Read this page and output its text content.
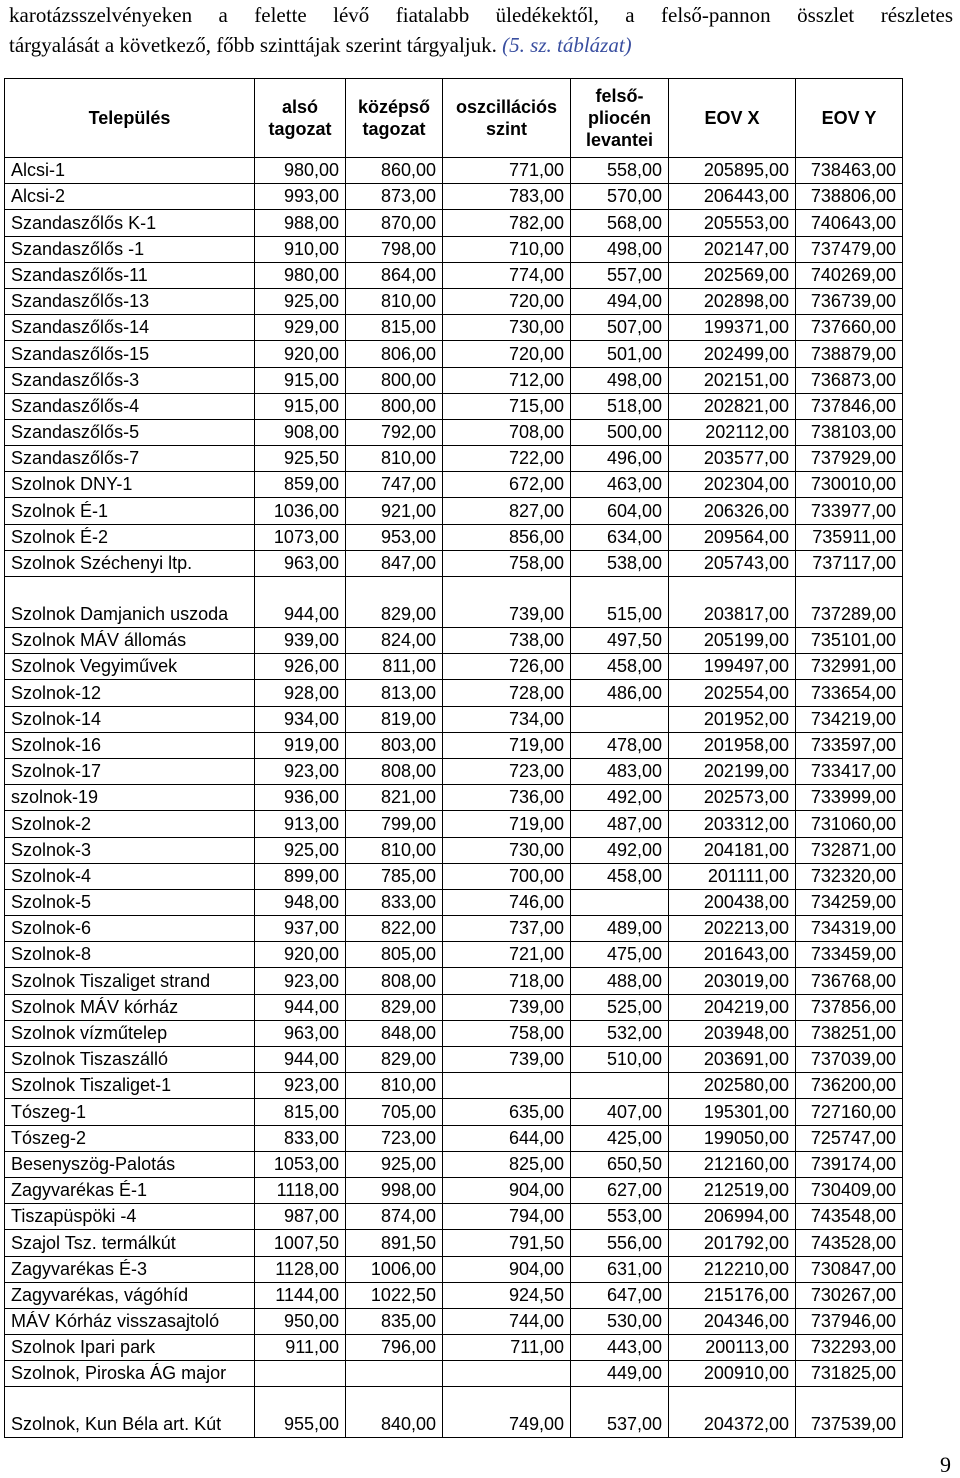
karotázsszelvényeken a felette lévő fiatalabb üledékektől, a felső-pannon összlet részletes
tárgyalását a következő, főbb szinttájak szerint tárgyaljuk. (5. sz. táblázat)
Település	alsó tagozat	középső tagozat	oszcillációs szint	felső-pliocén levantei	EOV X	EOV Y
Alcsi-1	980,00	860,00	771,00	558,00	205895,00	738463,00
Alcsi-2	993,00	873,00	783,00	570,00	206443,00	738806,00
Szandaszőlős K-1	988,00	870,00	782,00	568,00	205553,00	740643,00
Szandaszőlős -1	910,00	798,00	710,00	498,00	202147,00	737479,00
Szandaszőlős-11	980,00	864,00	774,00	557,00	202569,00	740269,00
Szandaszőlős-13	925,00	810,00	720,00	494,00	202898,00	736739,00
Szandaszőlős-14	929,00	815,00	730,00	507,00	199371,00	737660,00
Szandaszőlős-15	920,00	806,00	720,00	501,00	202499,00	738879,00
Szandaszőlős-3	915,00	800,00	712,00	498,00	202151,00	736873,00
Szandaszőlős-4	915,00	800,00	715,00	518,00	202821,00	737846,00
Szandaszőlős-5	908,00	792,00	708,00	500,00	202112,00	738103,00
Szandaszőlős-7	925,50	810,00	722,00	496,00	203577,00	737929,00
Szolnok DNY-1	859,00	747,00	672,00	463,00	202304,00	730010,00
Szolnok É-1	1036,00	921,00	827,00	604,00	206326,00	733977,00
Szolnok É-2	1073,00	953,00	856,00	634,00	209564,00	735911,00
Szolnok Széchenyi ltp.	963,00	847,00	758,00	538,00	205743,00	737117,00
Szolnok Damjanich uszoda	944,00	829,00	739,00	515,00	203817,00	737289,00
Szolnok MÁV állomás	939,00	824,00	738,00	497,50	205199,00	735101,00
Szolnok Vegyiművek	926,00	811,00	726,00	458,00	199497,00	732991,00
Szolnok-12	928,00	813,00	728,00	486,00	202554,00	733654,00
Szolnok-14	934,00	819,00	734,00		201952,00	734219,00
Szolnok-16	919,00	803,00	719,00	478,00	201958,00	733597,00
Szolnok-17	923,00	808,00	723,00	483,00	202199,00	733417,00
szolnok-19	936,00	821,00	736,00	492,00	202573,00	733999,00
Szolnok-2	913,00	799,00	719,00	487,00	203312,00	731060,00
Szolnok-3	925,00	810,00	730,00	492,00	204181,00	732871,00
Szolnok-4	899,00	785,00	700,00	458,00	201111,00	732320,00
Szolnok-5	948,00	833,00	746,00		200438,00	734259,00
Szolnok-6	937,00	822,00	737,00	489,00	202213,00	734319,00
Szolnok-8	920,00	805,00	721,00	475,00	201643,00	733459,00
Szolnok Tiszaliget strand	923,00	808,00	718,00	488,00	203019,00	736768,00
Szolnok MÁV kórház	944,00	829,00	739,00	525,00	204219,00	737856,00
Szolnok vízműtelep	963,00	848,00	758,00	532,00	203948,00	738251,00
Szolnok Tiszaszálló	944,00	829,00	739,00	510,00	203691,00	737039,00
Szolnok Tiszaliget-1	923,00	810,00			202580,00	736200,00
Tószeg-1	815,00	705,00	635,00	407,00	195301,00	727160,00
Tószeg-2	833,00	723,00	644,00	425,00	199050,00	725747,00
Besenyszög-Palotás	1053,00	925,00	825,00	650,50	212160,00	739174,00
Zagyvarékas É-1	1118,00	998,00	904,00	627,00	212519,00	730409,00
Tiszapüspöki -4	987,00	874,00	794,00	553,00	206994,00	743548,00
Szajol Tsz. termálkút	1007,50	891,50	791,50	556,00	201792,00	743528,00
Zagyvarékas É-3	1128,00	1006,00	904,00	631,00	212210,00	730847,00
Zagyvarékas, vágóhíd	1144,00	1022,50	924,50	647,00	215176,00	730267,00
MÁV Kórház visszasajtoló	950,00	835,00	744,00	530,00	204346,00	737946,00
Szolnok Ipari park	911,00	796,00	711,00	443,00	200113,00	732293,00
Szolnok, Piroska ÁG major				449,00	200910,00	731825,00
Szolnok, Kun Béla art. Kút	955,00	840,00	749,00	537,00	204372,00	737539,00
9
